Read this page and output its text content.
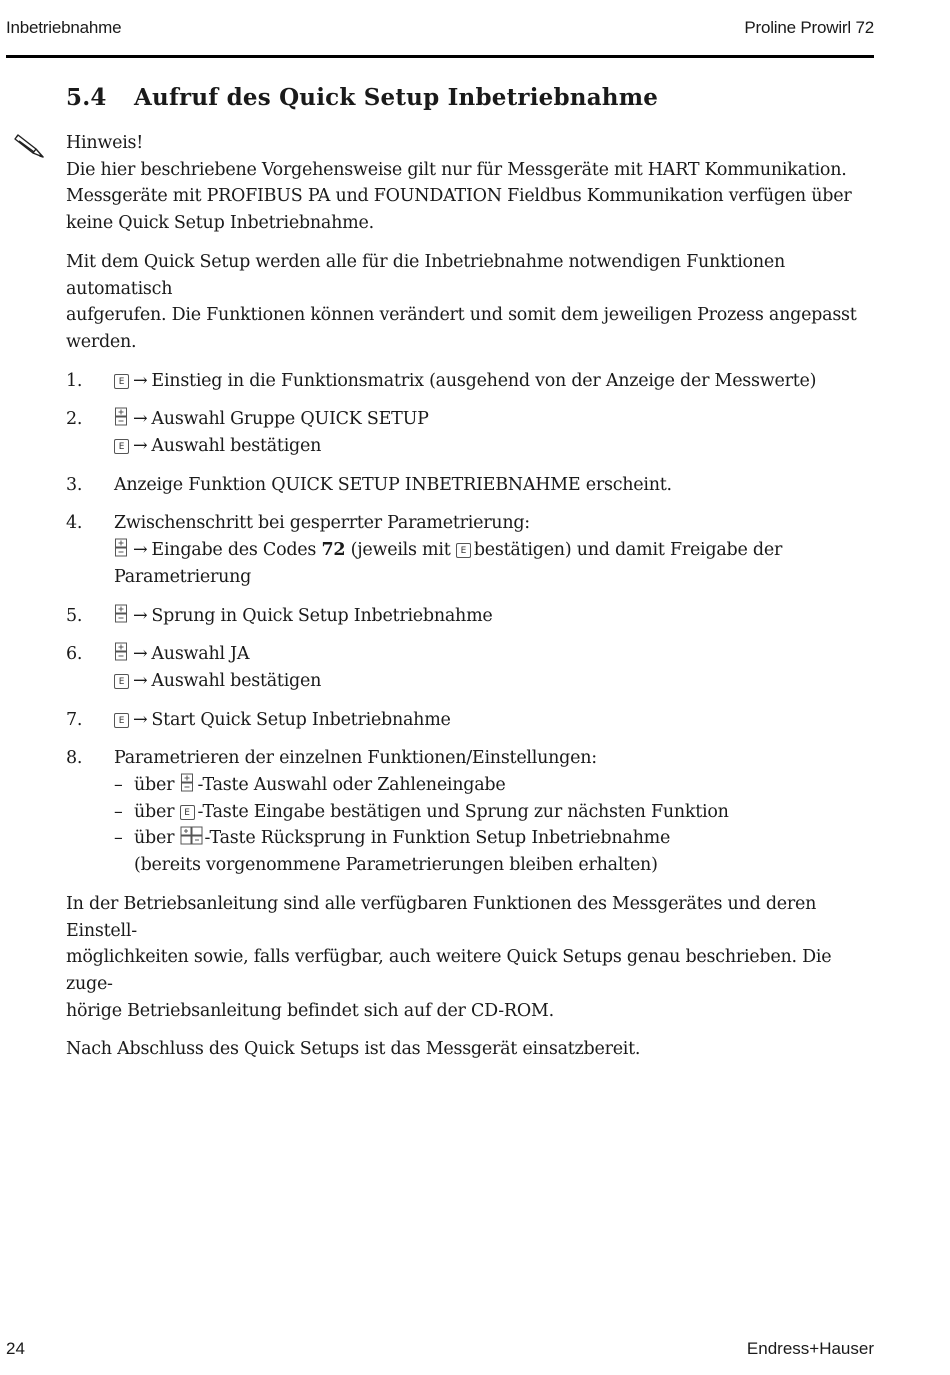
Inbetriebnahme	Proline Prowirl 72
5.4 Aufruf des Quick Setup Inbetriebnahme

Hinweis!
Die hier beschriebene Vorgehensweise gilt nur für Messgeräte mit HART Kommunikation.
Messgeräte mit PROFIBUS PA und FOUNDATION Fieldbus Kommunikation verfügen über
keine Quick Setup Inbetriebnahme.

Mit dem Quick Setup werden alle für die Inbetriebnahme notwendigen Funktionen automatisch
aufgerufen. Die Funktionen können verändert und somit dem jeweiligen Prozess angepasst
werden.

1.	E → Einstieg in die Funktionsmatrix (ausgehend von der Anzeige der Messwerte)
2.	→ Auswahl Gruppe QUICK SETUP
E → Auswahl bestätigen
3. Anzeige Funktion QUICK SETUP INBETRIEBNAHME erscheint.
4. Zwischenschritt bei gesperrter Parametrierung:
→ Eingabe des Codes 72 (jeweils mit E bestätigen) und damit Freigabe der
Parametrierung
5.	→ Sprung in Quick Setup Inbetriebnahme
6.	→ Auswahl JA
E → Auswahl bestätigen
7.	E → Start Quick Setup Inbetriebnahme
8. Parametrieren der einzelnen Funktionen/Einstellungen:
– über
-Taste Auswahl oder Zahleneingabe
– über E -Taste Eingabe bestätigen und Sprung zur nächsten Funktion
– über
-Taste Rücksprung in Funktion Setup Inbetriebnahme
(bereits vorgenommene Parametrierungen bleiben erhalten)

In der Betriebsanleitung sind alle verfügbaren Funktionen des Messgerätes und deren Einstell-
möglichkeiten sowie, falls verfügbar, auch weitere Quick Setups genau beschrieben. Die zuge-
hörige Betriebsanleitung befindet sich auf der CD-ROM.

Nach Abschluss des Quick Setups ist das Messgerät einsatzbereit.

24	Endress+Hauser
